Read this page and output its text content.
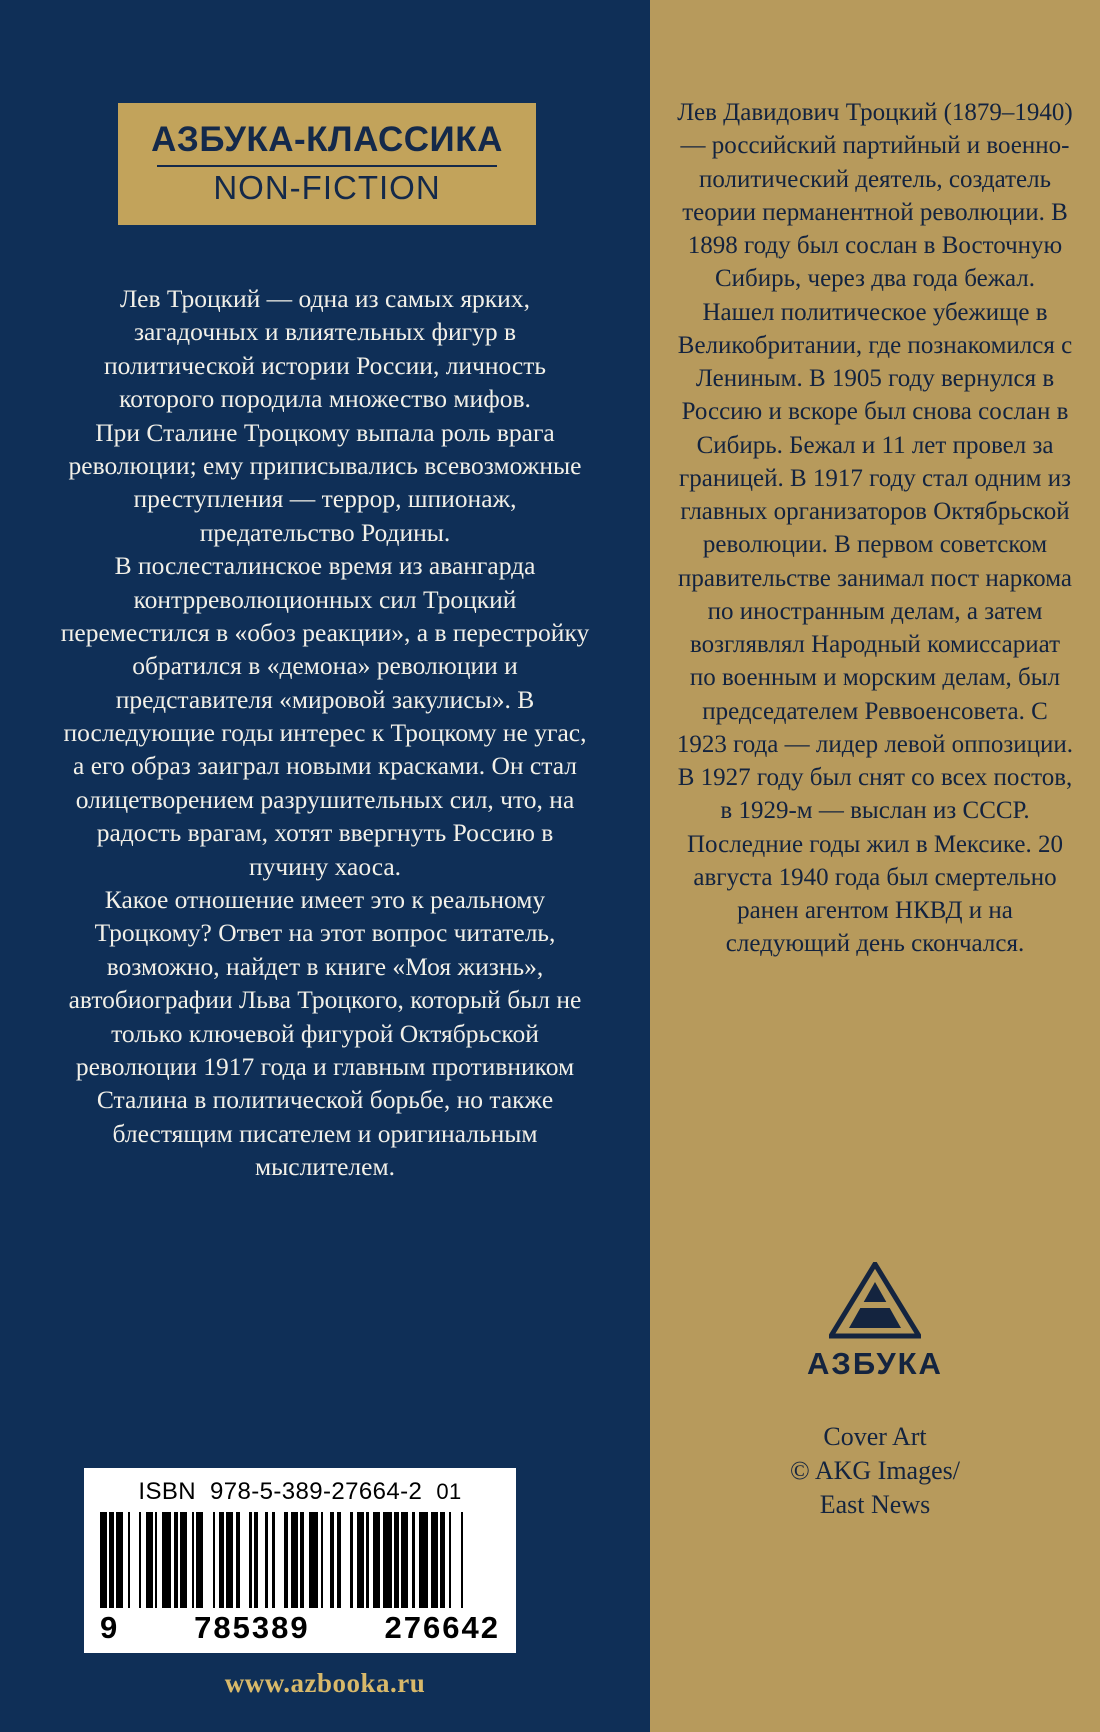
АЗБУКА-КЛАССИКА
NON-FICTION

Лев Троцкий — одна из самых ярких, загадочных и влиятельных фигур в политической истории России, личность которого породила множество мифов.

При Сталине Троцкому выпала роль врага революции; ему приписывались всевозможные преступления — террор, шпионаж, предательство Родины.

В послесталинское время из авангарда контрреволюционных сил Троцкий переместился в «обоз реакции», а в перестройку обратился в «демона» революции и представителя «мировой закулисы». В последующие годы интерес к Троцкому не угас, а его образ заиграл новыми красками. Он стал олицетворением разрушительных сил, что, на радость врагам, хотят ввергнуть Россию в пучину хаоса.

Какое отношение имеет это к реальному Троцкому? Ответ на этот вопрос читатель, возможно, найдет в книге «Моя жизнь», автобиографии Льва Троцкого, который был не только ключевой фигурой Октябрьской революции 1917 года и главным противником Сталина в политической борьбе, но также блестящим писателем и оригинальным мыслителем.

ISBN 978-5-389-27664-2 01
9 785389 276642
www.azbooka.ru

Лев Давидович Троцкий (1879–1940) — российский партийный и военно-политический деятель, создатель теории перманентной революции. В 1898 году был сослан в Восточную Сибирь, через два года бежал. Нашел политическое убежище в Великобритании, где познакомился с Лениным. В 1905 году вернулся в Россию и вскоре был снова сослан в Сибирь. Бежал и 11 лет провел за границей. В 1917 году стал одним из главных организаторов Октябрьской революции. В первом советском правительстве занимал пост наркома по иностранным делам, а затем возглявлял Народный комиссариат по военным и морским делам, был председателем Реввоенсовета. С 1923 года — лидер левой оппозиции. В 1927 году был снят со всех постов, в 1929-м — выслан из СССР. Последние годы жил в Мексике. 20 августа 1940 года был смертельно ранен агентом НКВД и на следующий день скончался.

АЗБУКА

Cover Art

© AKG Images/

East News
